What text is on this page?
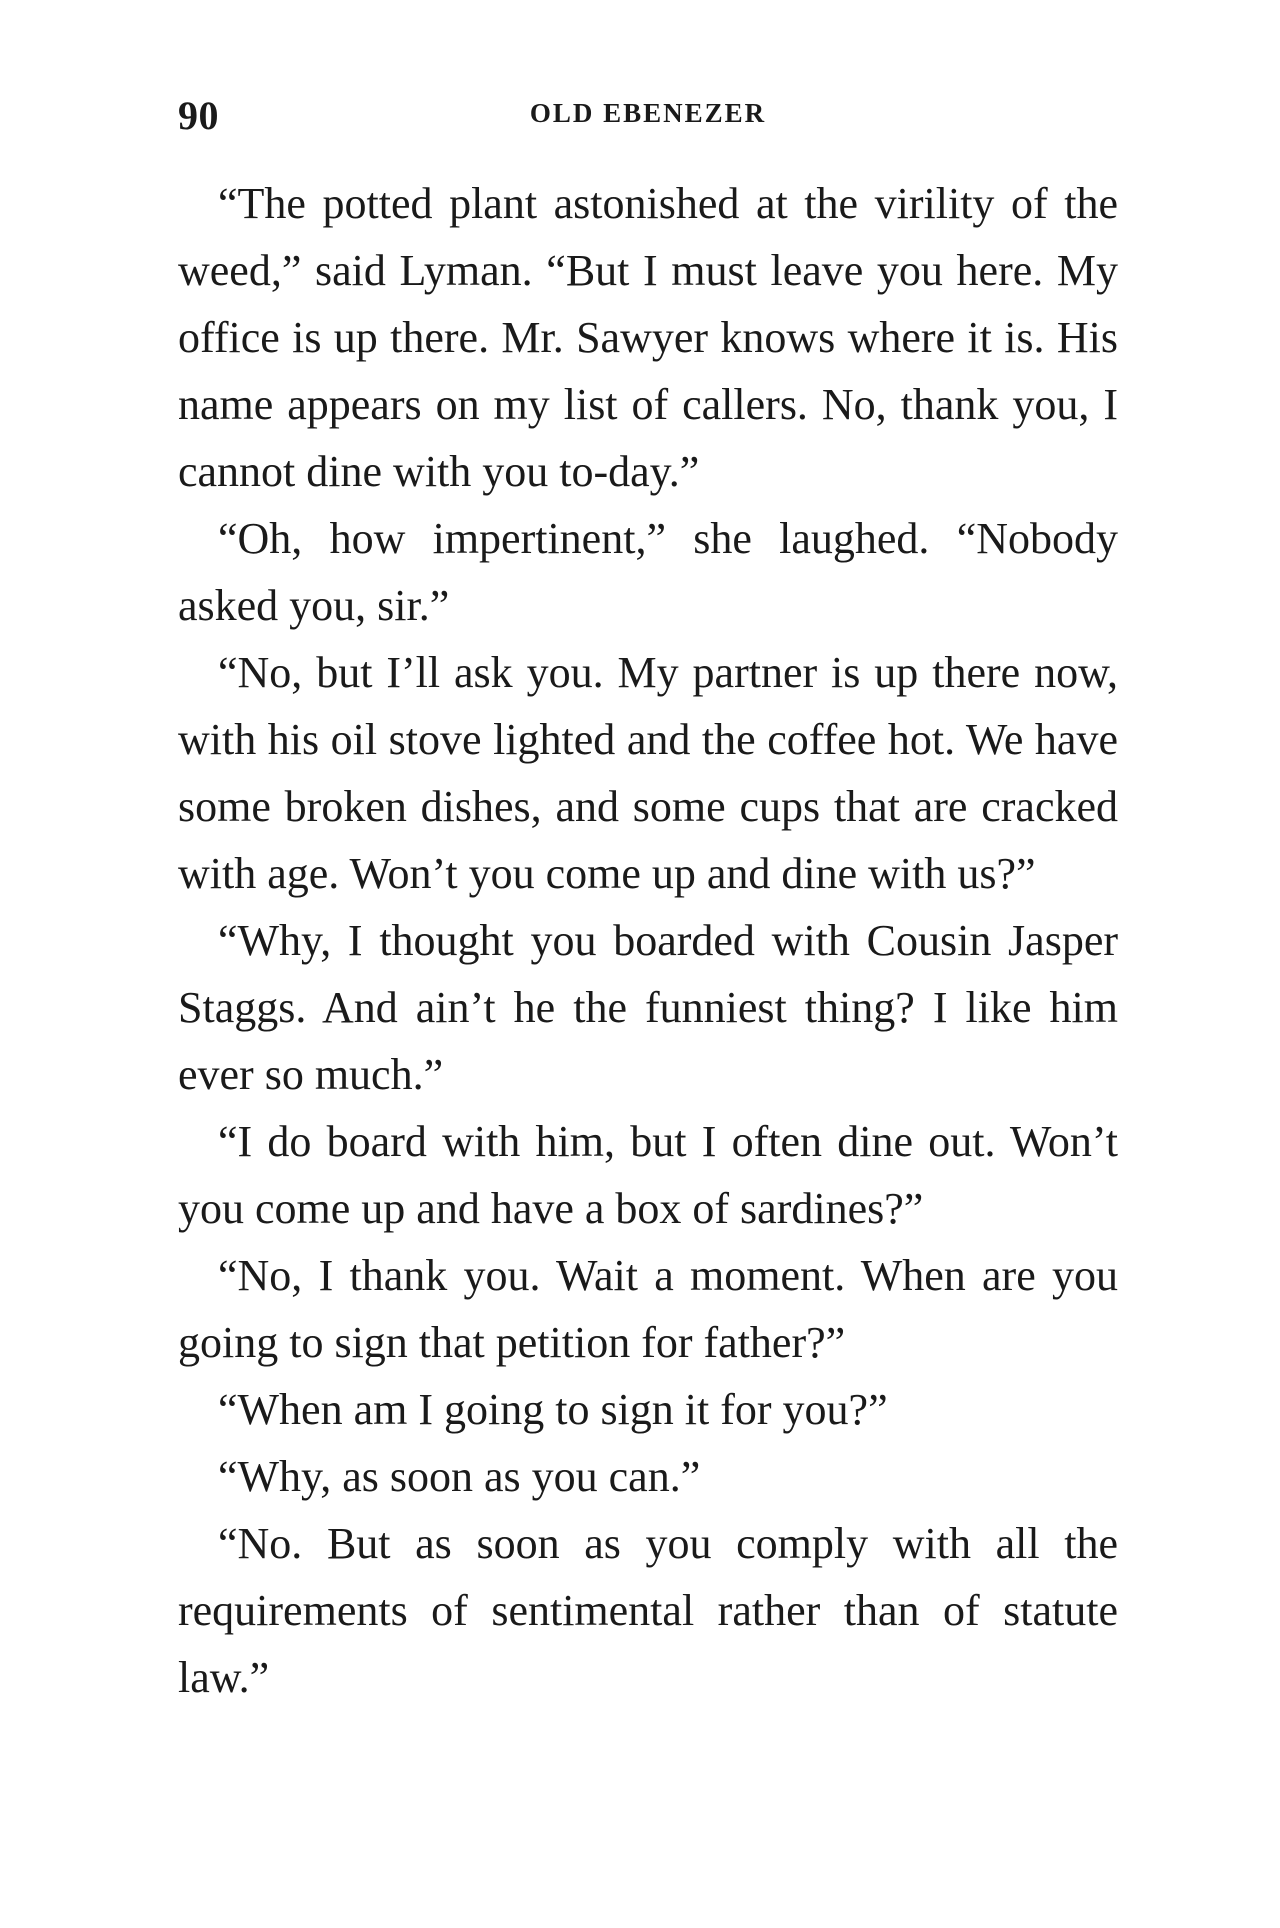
90	OLD EBENEZER

“The potted plant astonished at the virility of the weed,” said Lyman. “But I must leave you here. My office is up there. Mr. Sawyer knows where it is. His name appears on my list of callers. No, thank you, I cannot dine with you to-day.”

“Oh, how impertinent,” she laughed. “Nobody asked you, sir.”

“No, but I’ll ask you. My partner is up there now, with his oil stove lighted and the coffee hot. We have some broken dishes, and some cups that are cracked with age. Won’t you come up and dine with us?”

“Why, I thought you boarded with Cousin Jasper Staggs. And ain’t he the funniest thing? I like him ever so much.”

“I do board with him, but I often dine out. Won’t you come up and have a box of sardines?”

“No, I thank you. Wait a moment. When are you going to sign that petition for father?”

“When am I going to sign it for you?”

“Why, as soon as you can.”

“No. But as soon as you comply with all the requirements of sentimental rather than of statute law.”
